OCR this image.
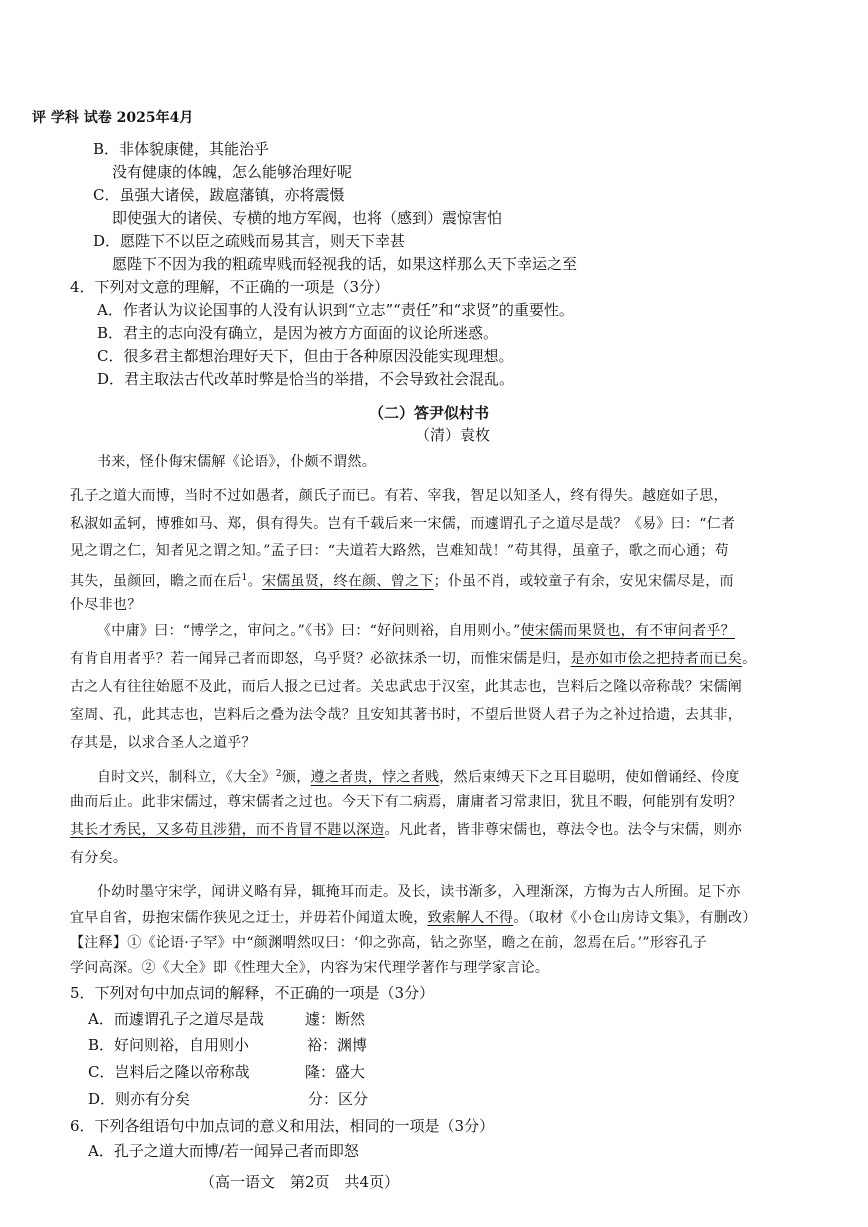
评 学科 试卷 2025年4月
B．非体貌康健，其能治乎
没有健康的体魄，怎么能够治理好呢
C．虽强大诸侯，跋扈藩镇，亦将震慑
即使强大的诸侯、专横的地方军阀，也将（感到）震惊害怕
D．愿陛下不以臣之疏贱而易其言，则天下幸甚
愿陛下不因为我的粗疏卑贱而轻视我的话，如果这样那么天下幸运之至
4．下列对文意的理解，不正确的一项是（3分）
A．作者认为议论国事的人没有认识到“立志”“责任”和“求贤”的重要性。
B．君主的志向没有确立，是因为被方方面面的议论所迷惑。
C．很多君主都想治理好天下，但由于各种原因没能实现理想。
D．君主取法古代改革时弊是恰当的举措，不会导致社会混乱。
（二）答尹似村书
（清）袁枚
书来，怪仆侮宋儒解《论语》，仆颇不谓然。
孔子之道大而博，当时不过如愚者，颜氏子而已。有若、宰我，智足以知圣人，终有得失。越庭如子思，
私淑如孟轲，博雅如马、郑，俱有得失。岂有千载后来一宋儒，而遽谓孔子之道尽是哉？《易》曰：“仁者
见之谓之仁，知者见之谓之知。”孟子曰：“夫道若大路然，岂难知哉！”苟其得，虽童子，歌之而心通；苟
其失，虽颜回，瞻之而在后$^1$。宋儒虽贤，终在颜、曾之下；仆虽不肖，或较童子有余，安见宋儒尽是，而
仆尽非也？
《中庸》曰：“博学之，审问之。”《书》曰：“好问则裕，自用则小。”使宋儒而果贤也，有不审问者乎？
有肯自用者乎？若一闻异己者而即怒，乌乎贤？必欲抹杀一切，而惟宋儒是归，是亦如市侩之把持者而已矣。
古之人有往往始愿不及此，而后人报之已过者。关忠武忠于汉室，此其志也，岂料后之隆以帝称哉？宋儒阐
室周、孔，此其志也，岂料后之叠为法令哉？且安知其著书时，不望后世贤人君子为之补过拾遗，去其非，
存其是，以求合圣人之道乎？
自时文兴，制科立，《大全》$^2$颁，遵之者贵，悖之者贱，然后束缚天下之耳目聪明，使如僧诵经、伶度
曲而后止。此非宋儒过，尊宋儒者之过也。今天下有二病焉，庸庸者习常隶旧，犹且不暇，何能别有发明？
其长才秀民，又多苟且涉猎，而不肯冒不韪以深造。凡此者，皆非尊宋儒也，尊法令也。法令与宋儒，则亦
有分矣。
仆幼时墨守宋学，闻讲义略有异，辄掩耳而走。及长，读书渐多，入理渐深，方悔为古人所囿。足下亦
宜早自省，毋抱宋儒作狭见之迂士，并毋若仆闻道太晚，致索解人不得。（取材《小仓山房诗文集》，有删改）
【注释】①《论语·子罕》中“颜渊喟然叹曰：‘仰之弥高，钻之弥坚，瞻之在前，忽焉在后。’”形容孔子
学问高深。②《大全》即《性理大全》，内容为宋代理学著作与理学家言论。
5．下列对句中加点词的解释，不正确的一项是（3分）
A．而遽谓孔子之道尽是哉	遽：断然
B．好问则裕，自用则小	裕：渊博
C．岂料后之隆以帝称哉	隆：盛大
D．则亦有分矣	分：区分
6．下列各组语句中加点词的意义和用法，相同的一项是（3分）
A．孔子之道大而博/若一闻异己者而即怒
（高一语文　第2页　共4页）
